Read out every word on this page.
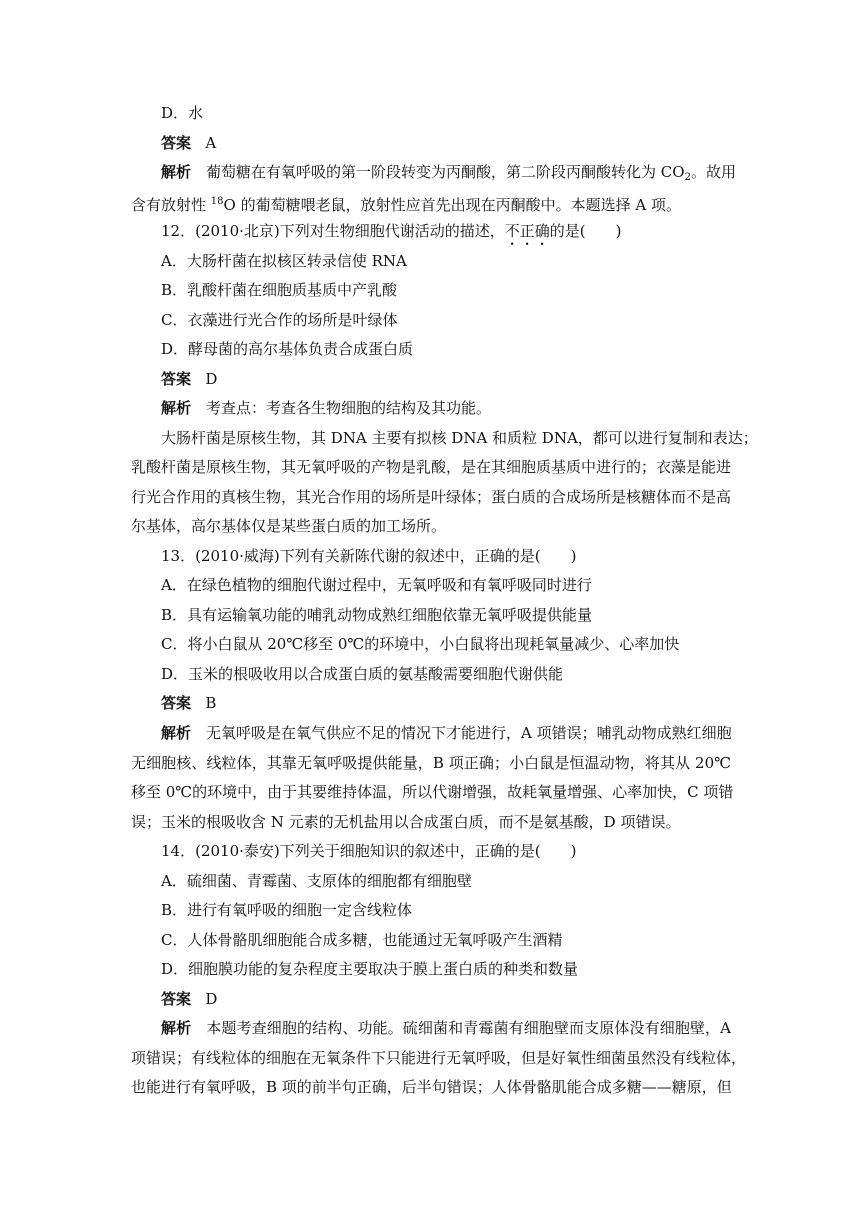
D．水
答案 A
解析　 葡萄糖在有氧呼吸的第一阶段转变为丙酮酸，第二阶段丙酮酸转化为 $CO_2$。故用
含有放射性 $^{18}$O 的葡萄糖喂老鼠，放射性应首先出现在丙酮酸中。本题选择 A 项。
12．(2010·北京)下列对生物细胞代谢活动的描述，不正确的是(　　)
A．大肠杆菌在拟核区转录信使 RNA
B．乳酸杆菌在细胞质基质中产乳酸
C．衣藻进行光合作的场所是叶绿体
D．酵母菌的高尔基体负责合成蛋白质
答案 D
解析　 考查点：考查各生物细胞的结构及其功能。
大肠杆菌是原核生物，其 DNA 主要有拟核 DNA 和质粒 DNA，都可以进行复制和表达；
乳酸杆菌是原核生物，其无氧呼吸的产物是乳酸，是在其细胞质基质中进行的；衣藻是能进
行光合作用的真核生物，其光合作用的场所是叶绿体；蛋白质的合成场所是核糖体而不是高
尔基体，高尔基体仅是某些蛋白质的加工场所。
13．(2010·威海)下列有关新陈代谢的叙述中，正确的是(　　)
A．在绿色植物的细胞代谢过程中，无氧呼吸和有氧呼吸同时进行
B．具有运输氧功能的哺乳动物成熟红细胞依靠无氧呼吸提供能量
C．将小白鼠从 20℃移至 0℃的环境中，小白鼠将出现耗氧量减少、心率加快
D．玉米的根吸收用以合成蛋白质的氨基酸需要细胞代谢供能
答案 B
解析　 无氧呼吸是在氧气供应不足的情况下才能进行，A 项错误；哺乳动物成熟红细胞
无细胞核、线粒体，其靠无氧呼吸提供能量，B 项正确；小白鼠是恒温动物，将其从 20℃
移至 0℃的环境中，由于其要维持体温，所以代谢增强，故耗氧量增强、心率加快，C 项错
误；玉米的根吸收含 N 元素的无机盐用以合成蛋白质，而不是氨基酸，D 项错误。
14．(2010·泰安)下列关于细胞知识的叙述中，正确的是(　　)
A．硫细菌、青霉菌、支原体的细胞都有细胞壁
B．进行有氧呼吸的细胞一定含线粒体
C．人体骨骼肌细胞能合成多糖，也能通过无氧呼吸产生酒精
D．细胞膜功能的复杂程度主要取决于膜上蛋白质的种类和数量
答案 D
解析　 本题考查细胞的结构、功能。硫细菌和青霉菌有细胞壁而支原体没有细胞壁，A
项错误；有线粒体的细胞在无氧条件下只能进行无氧呼吸，但是好氧性细菌虽然没有线粒体，
也能进行有氧呼吸，B 项的前半句正确，后半句错误；人体骨骼肌能合成多糖——糖原，但
